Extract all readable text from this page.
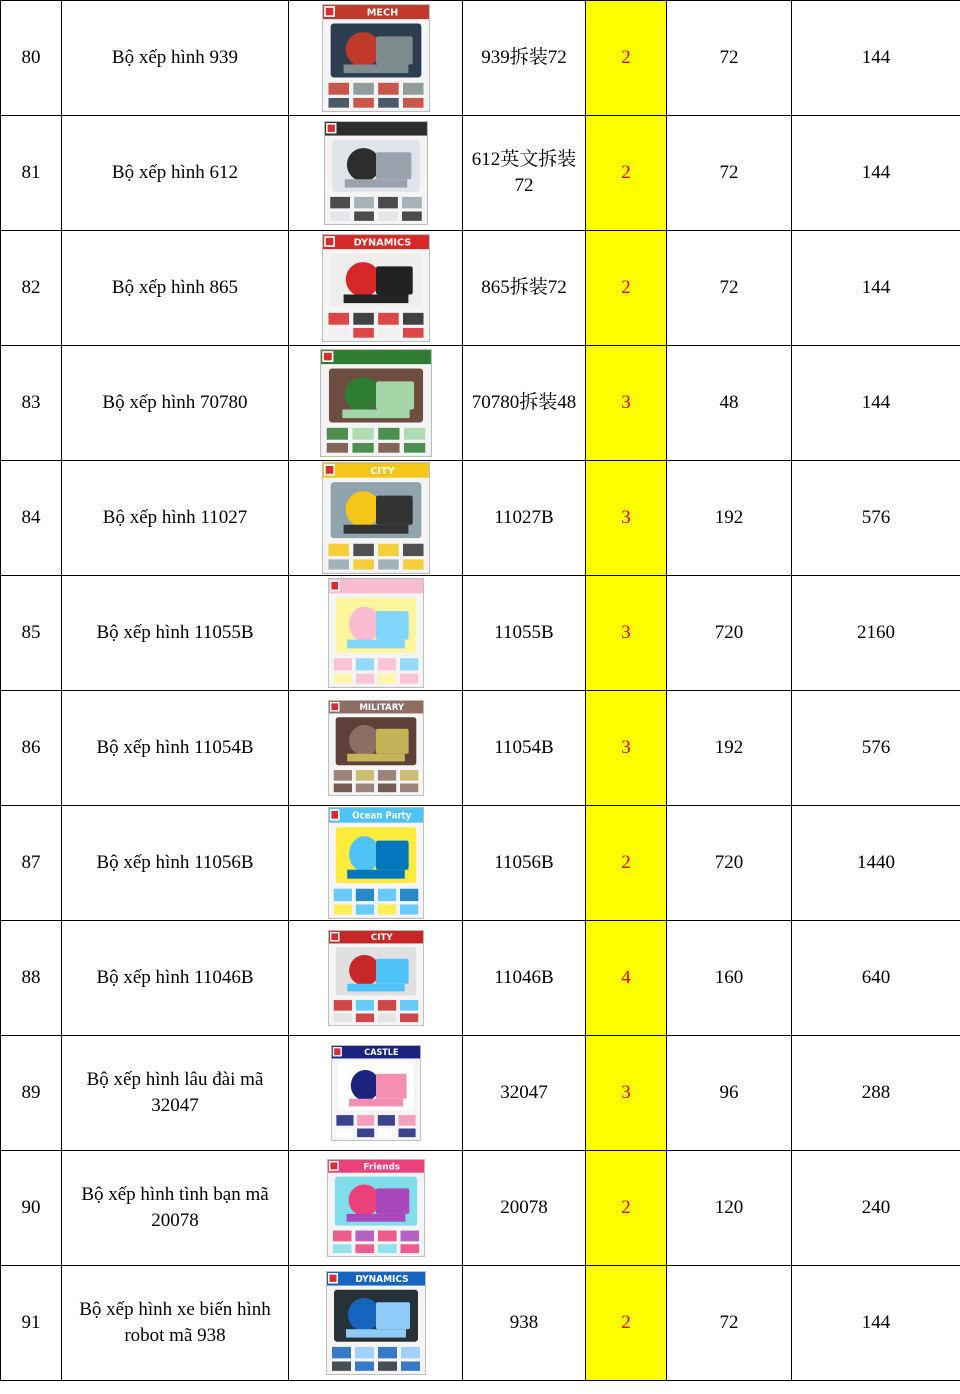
80	Bộ xếp hình 939	MECH	939拆装72	2	72	144
81	Bộ xếp hình 612		612英文拆装72	2	72	144
82	Bộ xếp hình 865	DYNAMICS	865拆装72	2	72	144
83	Bộ xếp hình 70780		70780拆装48	3	48	144
84	Bộ xếp hình 11027	CITY	11027B	3	192	576
85	Bộ xếp hình 11055B		11055B	3	720	2160
86	Bộ xếp hình 11054B	MILITARY	11054B	3	192	576
87	Bộ xếp hình 11056B	Ocean Party	11056B	2	720	1440
88	Bộ xếp hình 11046B	CITY	11046B	4	160	640
89	Bộ xếp hình lâu đài mã 32047	CASTLE	32047	3	96	288
90	Bộ xếp hình tình bạn mã 20078	Friends	20078	2	120	240
91	Bộ xếp hình xe biến hình robot mã 938	DYNAMICS	938	2	72	144
